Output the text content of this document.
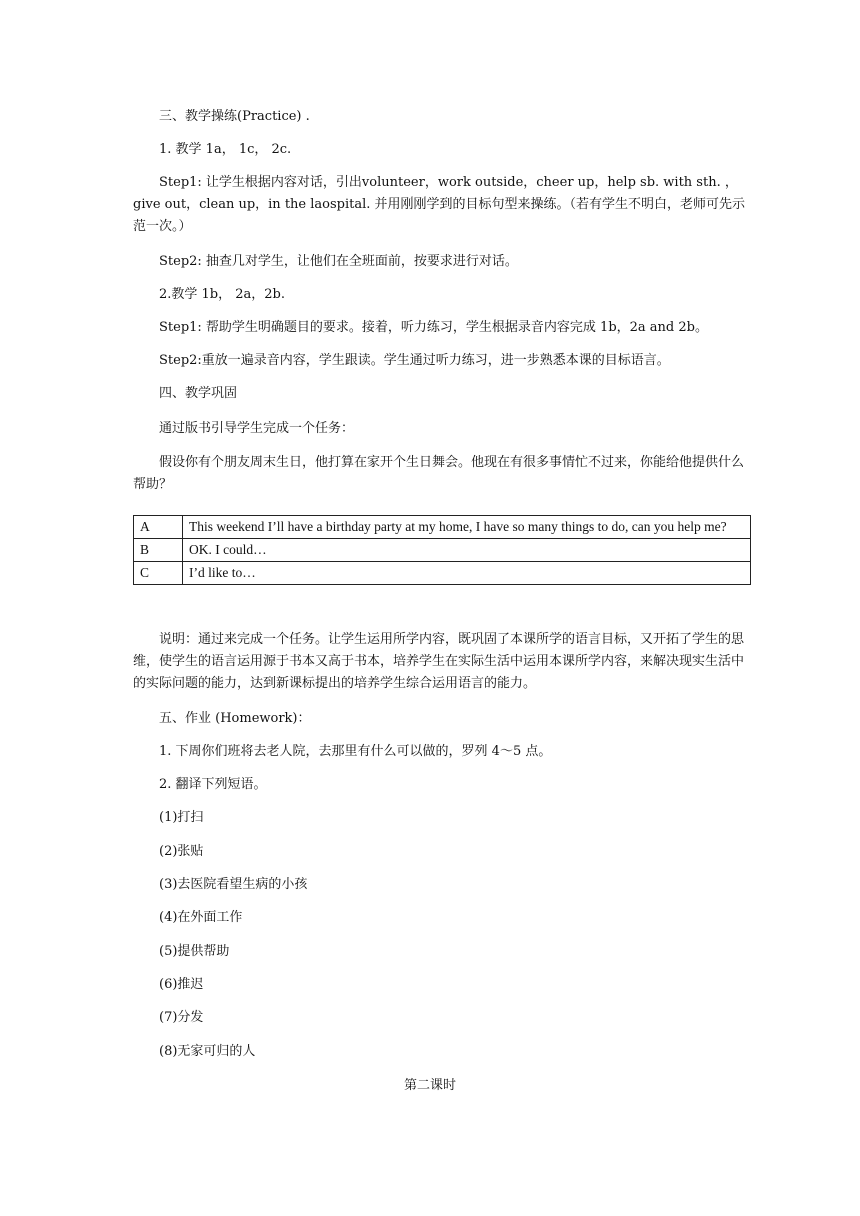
三、教学操练(Practice) .

1. 教学 1a， 1c， 2c.

Step1: 让学生根据内容对话，引出volunteer，work outside，cheer up，help sb. with sth. ，give out，clean up，in the laospital. 并用刚刚学到的目标句型来操练。（若有学生不明白，老师可先示范一次。）

Step2: 抽查几对学生，让他们在全班面前，按要求进行对话。

2.教学 1b， 2a，2b.

Step1: 帮助学生明确题目的要求。接着，听力练习，学生根据录音内容完成 1b，2a and 2b。

Step2:重放一遍录音内容，学生跟读。学生通过听力练习，进一步熟悉本课的目标语言。

四、教学巩固

通过版书引导学生完成一个任务：

假设你有个朋友周末生日，他打算在家开个生日舞会。他现在有很多事情忙不过来，你能给他提供什么帮助？

A	This weekend I’ll have a birthday party at my home, I have so many things to do, can you help me?
B	OK. I could…
C	I’d like to…

说明：通过来完成一个任务。让学生运用所学内容，既巩固了本课所学的语言目标，又开拓了学生的思维，使学生的语言运用源于书本又高于书本，培养学生在实际生活中运用本课所学内容，来解决现实生活中的实际问题的能力，达到新课标提出的培养学生综合运用语言的能力。

五、作业 (Homework)：

1. 下周你们班将去老人院，去那里有什么可以做的，罗列 4～5 点。

2. 翻译下列短语。

(1)打扫

(2)张贴

(3)去医院看望生病的小孩

(4)在外面工作

(5)提供帮助

(6)推迟

(7)分发

(8)无家可归的人

第二课时
